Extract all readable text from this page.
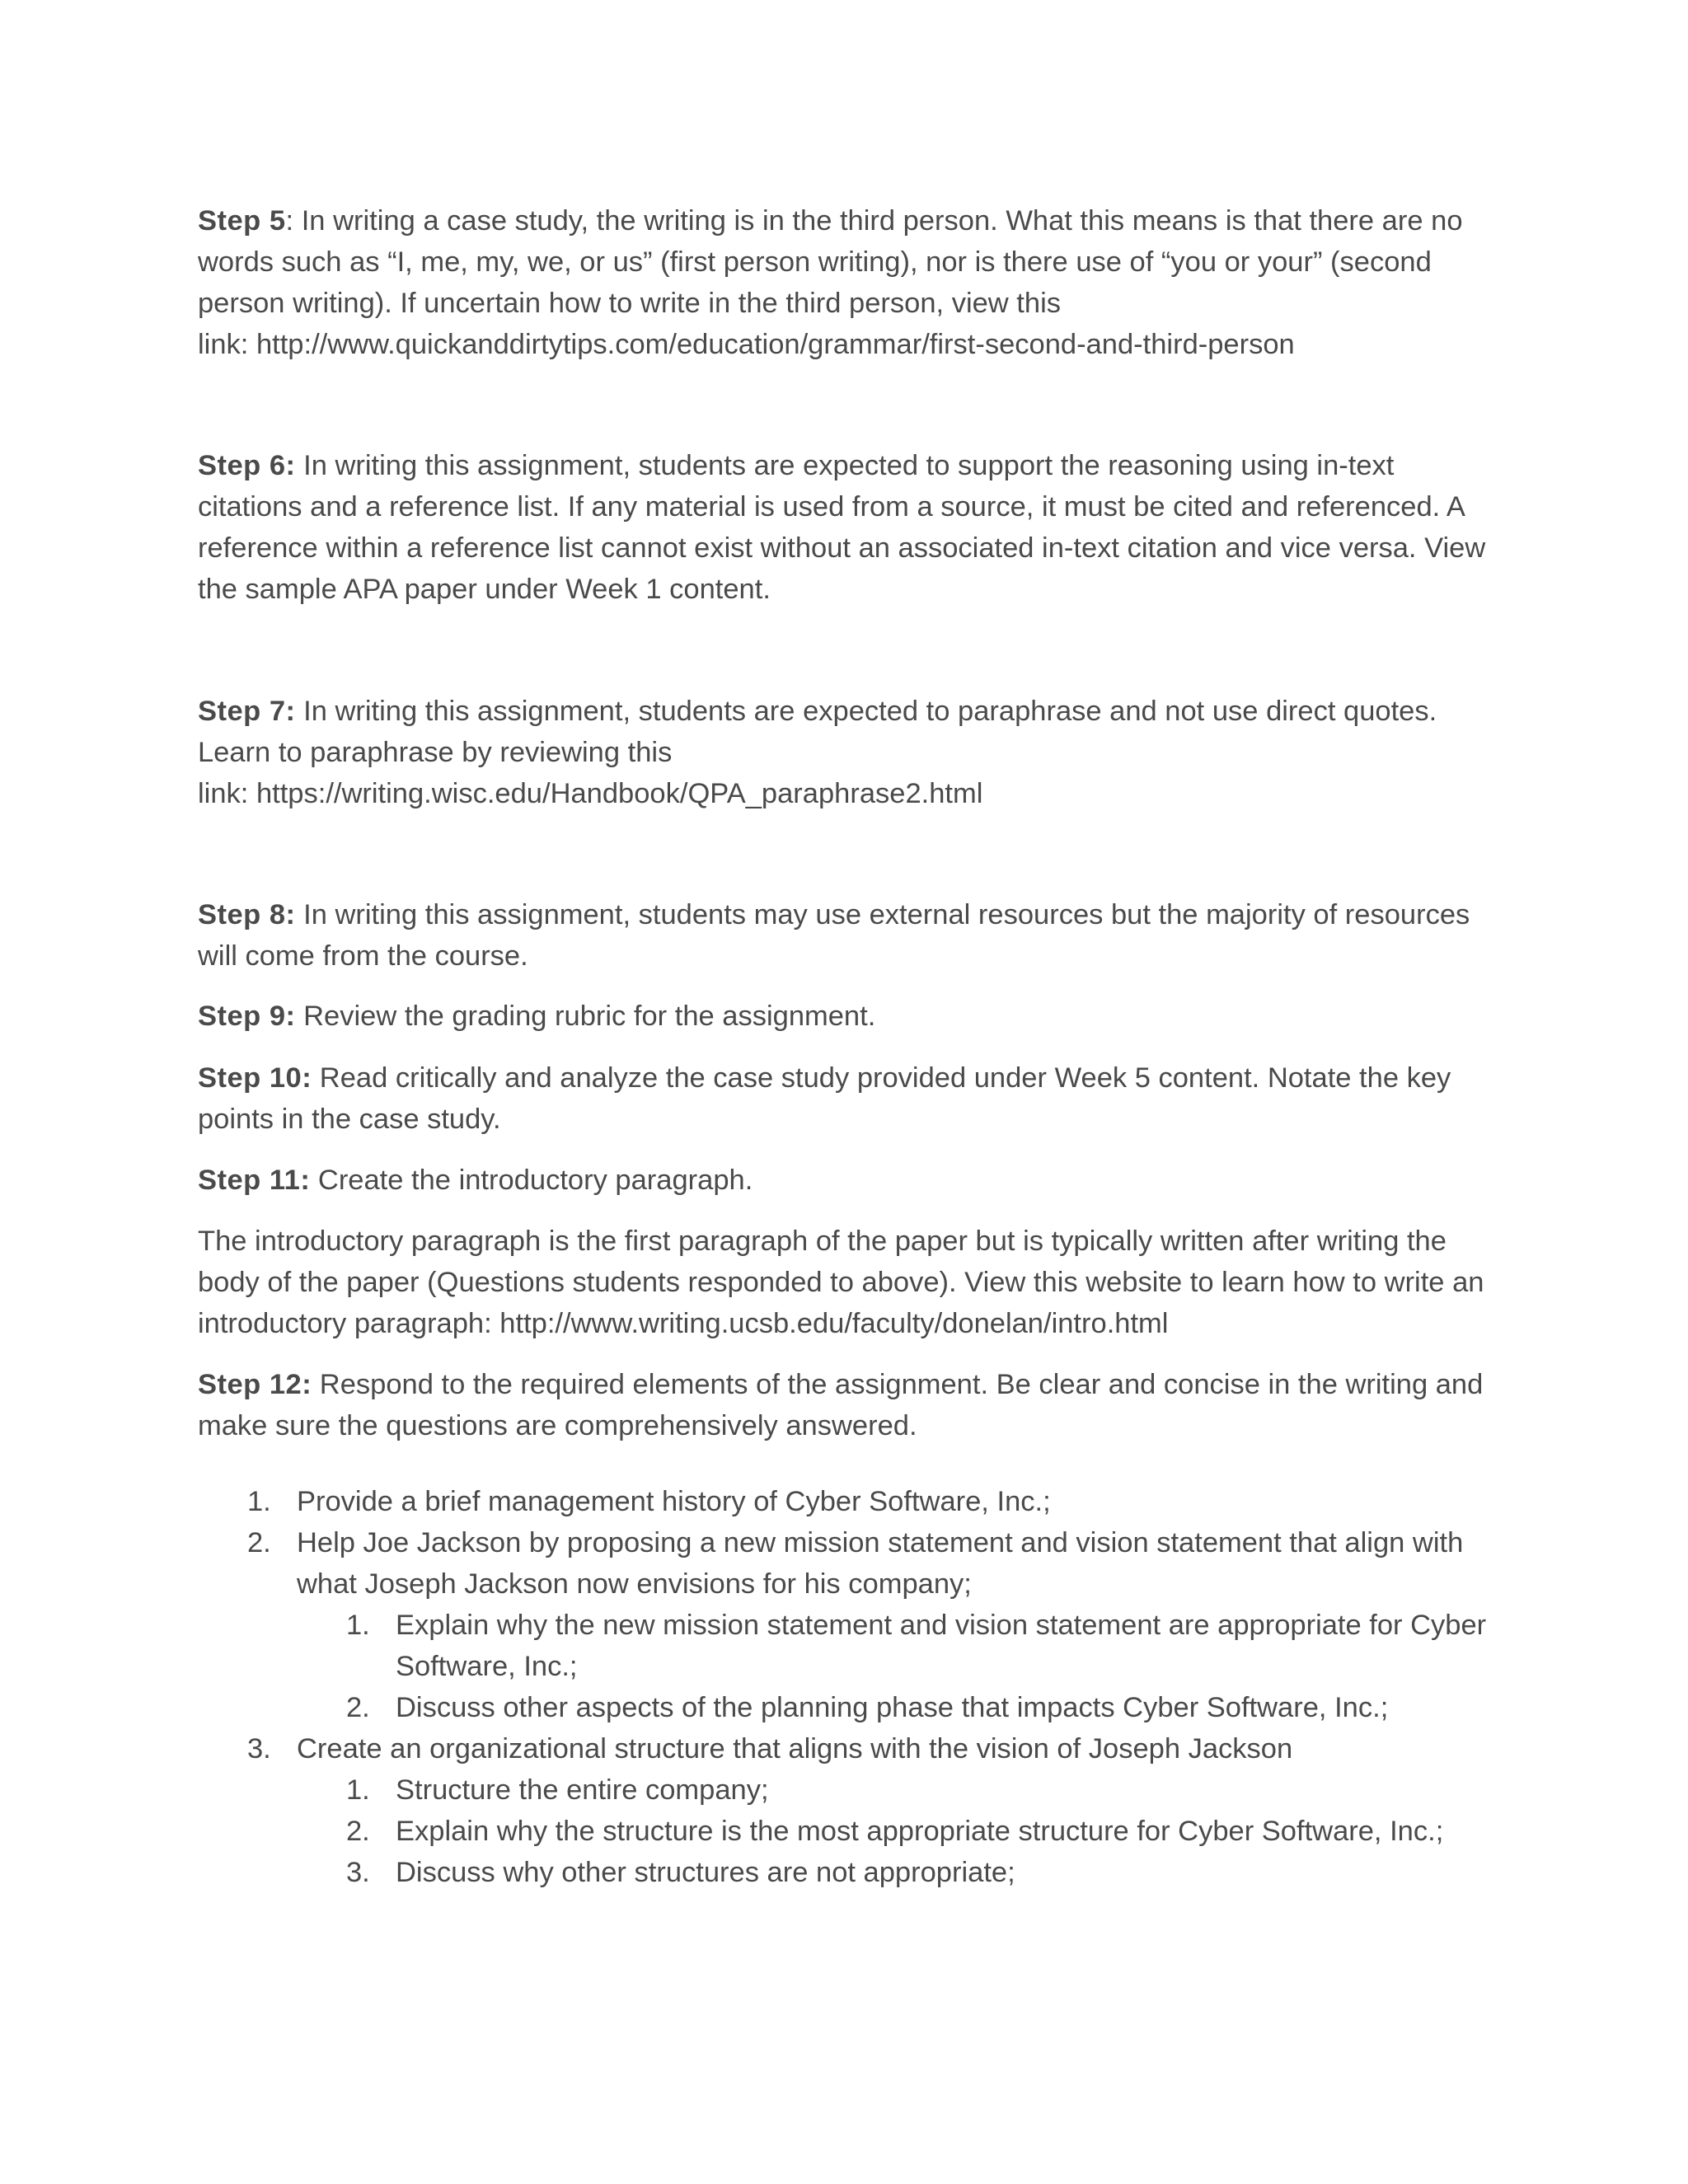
Step 5: In writing a case study, the writing is in the third person. What this means is that there are no words such as “I, me, my, we, or us” (first person writing), nor is there use of “you or your” (second person writing). If uncertain how to write in the third person, view this
link: http://www.quickanddirtytips.com/education/grammar/first-second-and-third-person

Step 6: In writing this assignment, students are expected to support the reasoning using in-text citations and a reference list. If any material is used from a source, it must be cited and referenced. A reference within a reference list cannot exist without an associated in-text citation and vice versa. View the sample APA paper under Week 1 content.

Step 7: In writing this assignment, students are expected to paraphrase and not use direct quotes. Learn to paraphrase by reviewing this
link: https://writing.wisc.edu/Handbook/QPA_paraphrase2.html

Step 8: In writing this assignment, students may use external resources but the majority of resources will come from the course.

Step 9: Review the grading rubric for the assignment.

Step 10: Read critically and analyze the case study provided under Week 5 content. Notate the key points in the case study.

Step 11: Create the introductory paragraph.

The introductory paragraph is the first paragraph of the paper but is typically written after writing the body of the paper (Questions students responded to above). View this website to learn how to write an introductory paragraph: http://www.writing.ucsb.edu/faculty/donelan/intro.html

Step 12: Respond to the required elements of the assignment. Be clear and concise in the writing and make sure the questions are comprehensively answered.

1. Provide a brief management history of Cyber Software, Inc.;
2. Help Joe Jackson by proposing a new mission statement and vision statement that align with what Joseph Jackson now envisions for his company;
1. Explain why the new mission statement and vision statement are appropriate for Cyber Software, Inc.;
2. Discuss other aspects of the planning phase that impacts Cyber Software, Inc.;
3. Create an organizational structure that aligns with the vision of Joseph Jackson
1. Structure the entire company;
2.Explain why the structure is the most appropriate structure for Cyber Software, Inc.;
3. Discuss why other structures are not appropriate;
